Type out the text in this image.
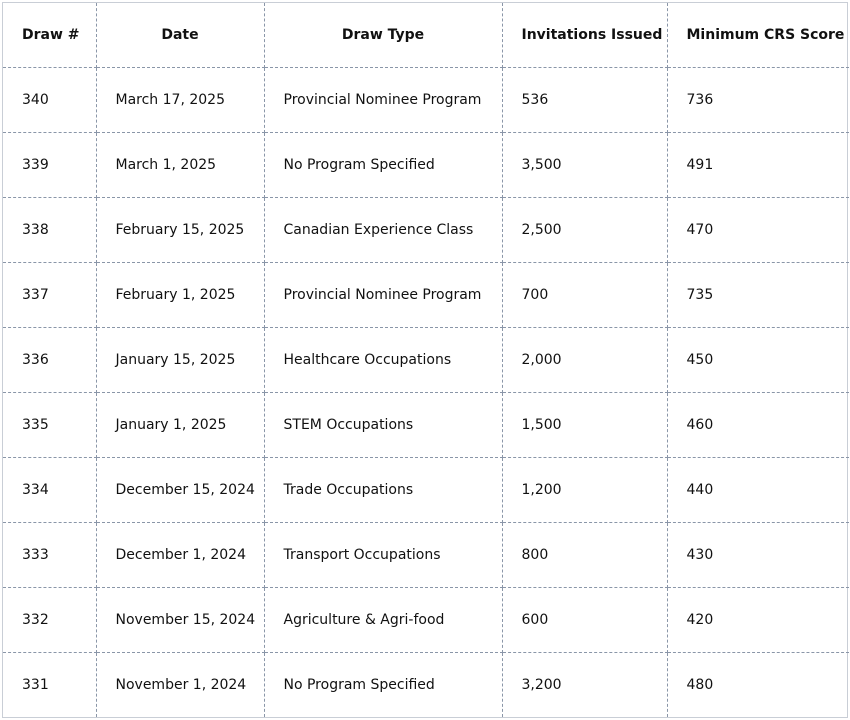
Draw #	Date	Draw Type	Invitations Issued	Minimum CRS Score
340	March 17, 2025	Provincial Nominee Program	536	736
339	March 1, 2025	No Program Specified	3,500	491
338	February 15, 2025	Canadian Experience Class	2,500	470
337	February 1, 2025	Provincial Nominee Program	700	735
336	January 15, 2025	Healthcare Occupations	2,000	450
335	January 1, 2025	STEM Occupations	1,500	460
334	December 15, 2024	Trade Occupations	1,200	440
333	December 1, 2024	Transport Occupations	800	430
332	November 15, 2024	Agriculture & Agri-food	600	420
331	November 1, 2024	No Program Specified	3,200	480
